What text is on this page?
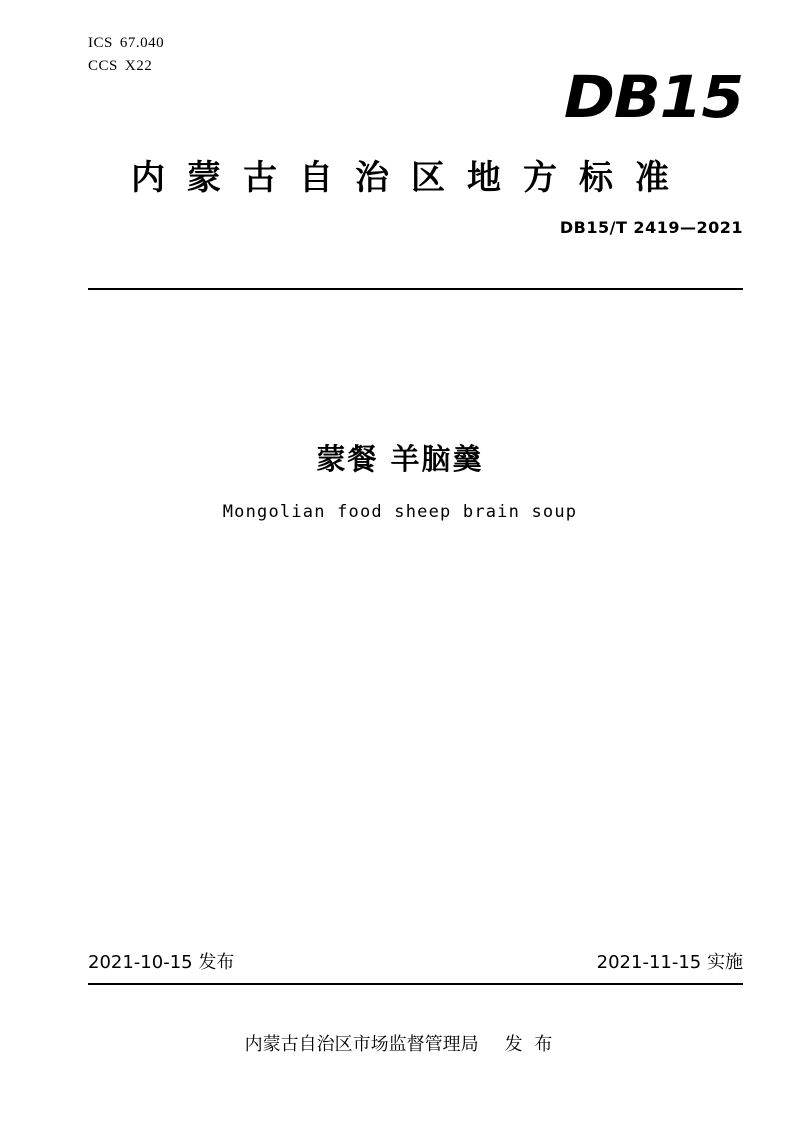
ICS 67.040
CCS X22	DB15
内蒙古自治区地方标准
DB15/T 2419—2021
蒙餐 羊脑羹
Mongolian food sheep brain soup
2021-10-15 发布	2021-11-15 实施
内蒙古自治区市场监督管理局 发 布
